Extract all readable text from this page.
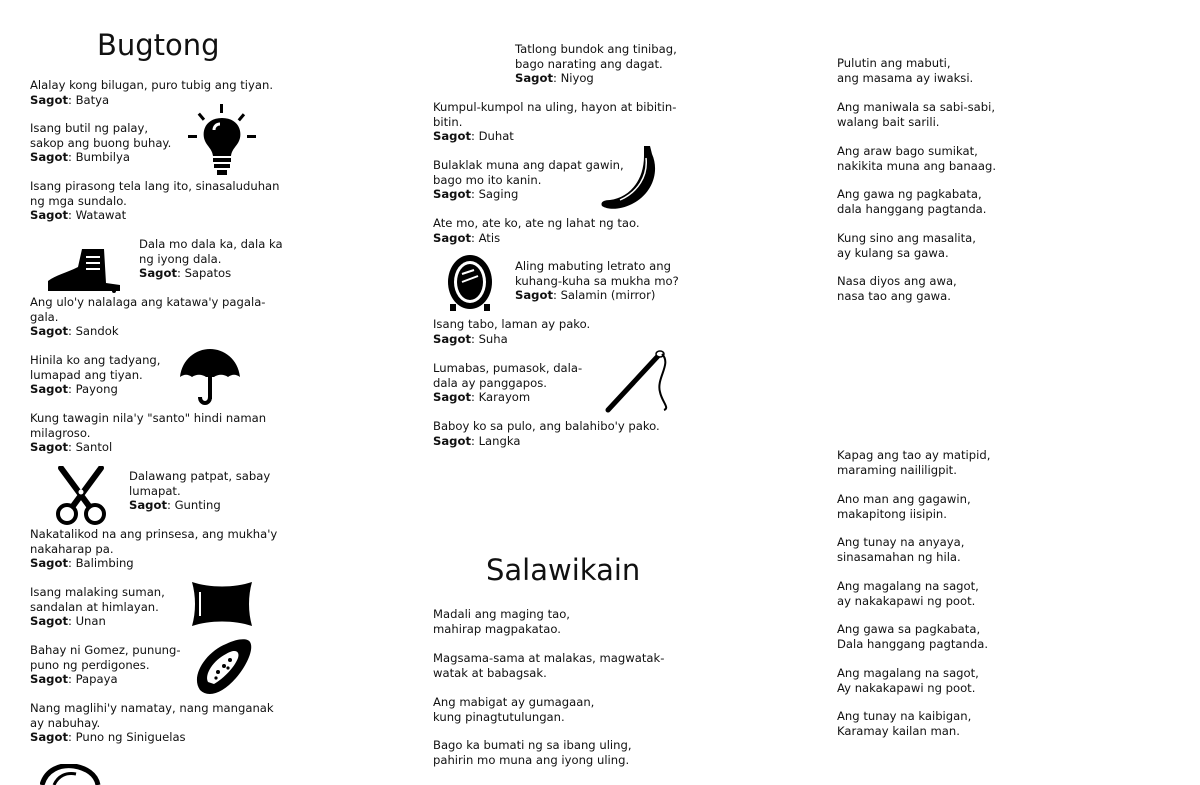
Bugtong
Salawikain
Alalay kong bilugan, puro tubig ang tiyan.
Sagot: Batya
Isang butil ng palay,
sakop ang buong buhay.
Sagot: Bumbilya
Isang pirasong tela lang ito, sinasaluduhan
ng mga sundalo.
Sagot: Watawat
Dala mo dala ka, dala ka
ng iyong dala.
Sagot: Sapatos
Ang ulo'y nalalaga ang katawa'y pagala-
gala.
Sagot: Sandok
Hinila ko ang tadyang,
lumapad ang tiyan.
Sagot: Payong
Kung tawagin nila'y "santo" hindi naman
milagroso.
Sagot: Santol
Dalawang patpat, sabay
lumapat.
Sagot: Gunting
Nakatalikod na ang prinsesa, ang mukha'y
nakaharap pa.
Sagot: Balimbing
Isang malaking suman,
sandalan at himlayan.
Sagot: Unan
Bahay ni Gomez, punung-
puno ng perdigones.
Sagot: Papaya
Nang maglihi'y namatay, nang manganak
ay nabuhay.
Sagot: Puno ng Siniguelas
Tatlong bundok ang tinibag,
bago narating ang dagat.
Sagot: Niyog
Kumpul-kumpol na uling, hayon at bibitin-
bitin.
Sagot: Duhat
Bulaklak muna ang dapat gawin,
bago mo ito kanin.
Sagot: Saging
Ate mo, ate ko, ate ng lahat ng tao.
Sagot: Atis
Aling mabuting letrato ang
kuhang-kuha sa mukha mo?
Sagot: Salamin (mirror)
Isang tabo, laman ay pako.
Sagot: Suha
Lumabas, pumasok, dala-
dala ay panggapos.
Sagot: Karayom
Baboy ko sa pulo, ang balahibo'y pako.
Sagot: Langka
Madali ang maging tao,
mahirap magpakatao.
Magsama-sama at malakas, magwatak-
watak at babagsak.
Ang mabigat ay gumagaan,
kung pinagtutulungan.
Bago ka bumati ng sa ibang uling,
pahirin mo muna ang iyong uling.
Pulutin ang mabuti,
ang masama ay iwaksi.
Ang maniwala sa sabi-sabi,
walang bait sarili.
Ang araw bago sumikat,
nakikita muna ang banaag.
Ang gawa ng pagkabata,
dala hanggang pagtanda.
Kung sino ang masalita,
ay kulang sa gawa.
Nasa diyos ang awa,
nasa tao ang gawa.
Kapag ang tao ay matipid,
maraming naililigpit.
Ano man ang gagawin,
makapitong iisipin.
Ang tunay na anyaya,
sinasamahan ng hila.
Ang magalang na sagot,
ay nakakapawi ng poot.
Ang gawa sa pagkabata,
Dala hanggang pagtanda.
Ang magalang na sagot,
Ay nakakapawi ng poot.
Ang tunay na kaibigan,
Karamay kailan man.
